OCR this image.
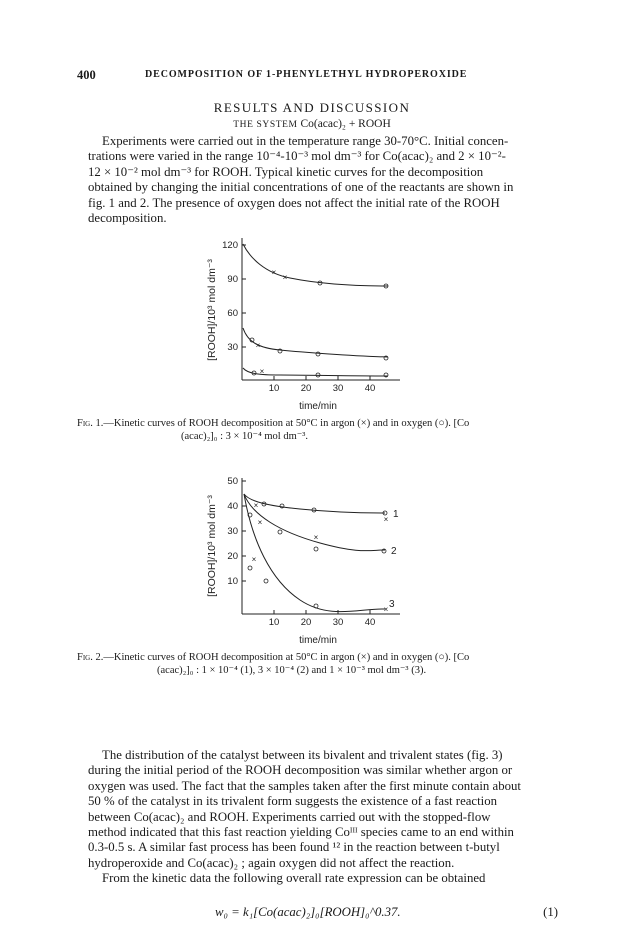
400	DECOMPOSITION OF 1-PHENYLETHYL HYDROPEROXIDE
RESULTS AND DISCUSSION
THE SYSTEM Co(acac)₂ + ROOH

Experiments were carried out in the temperature range 30-70°C. Initial concen-

trations were varied in the range 10⁻⁴-10⁻³ mol dm⁻³ for Co(acac)₂ and 2 × 10⁻²-

12 × 10⁻² mol dm⁻³ for ROOH. Typical kinetic curves for the decomposition

obtained by changing the initial concentrations of one of the reactants are shown in

fig. 1 and 2. The presence of oxygen does not affect the initial rate of the ROOH

decomposition.

×
×
×
×
120
90
60
30
10 20 30 40
time/min
[ROOH]/10³ mol dm⁻³
Fig. 1.—Kinetic curves of ROOH decomposition at 50°C in argon (×) and in oxygen (○). [Co
(acac)₂]₀ : 3 × 10⁻⁴ mol dm⁻³.
×
×
×
×
×
×
1
2
3
50
40
30
20
10
10 20 30 40
time/min
[ROOH]/10³ mol dm⁻³
Fig. 2.—Kinetic curves of ROOH decomposition at 50°C in argon (×) and in oxygen (○). [Co
(acac)₂]₀ : 1 × 10⁻⁴ (1), 3 × 10⁻⁴ (2) and 1 × 10⁻³ mol dm⁻³ (3).

The distribution of the catalyst between its bivalent and trivalent states (fig. 3)

during the initial period of the ROOH decomposition was similar whether argon or

oxygen was used. The fact that the samples taken after the first minute contain about

50 % of the catalyst in its trivalent form suggests the existence of a fast reaction

between Co(acac)₂ and ROOH. Experiments carried out with the stopped-flow

method indicated that this fast reaction yielding Coᴵᴵᴵ species came to an end within

0.3-0.5 s. A similar fast process has been found ¹² in the reaction between t-butyl

hydroperoxide and Co(acac)₂ ; again oxygen did not affect the reaction.

From the kinetic data the following overall rate expression can be obtained

w₀ = k₁[Co(acac)₂]₀[ROOH]₀^0.37.	(1)
